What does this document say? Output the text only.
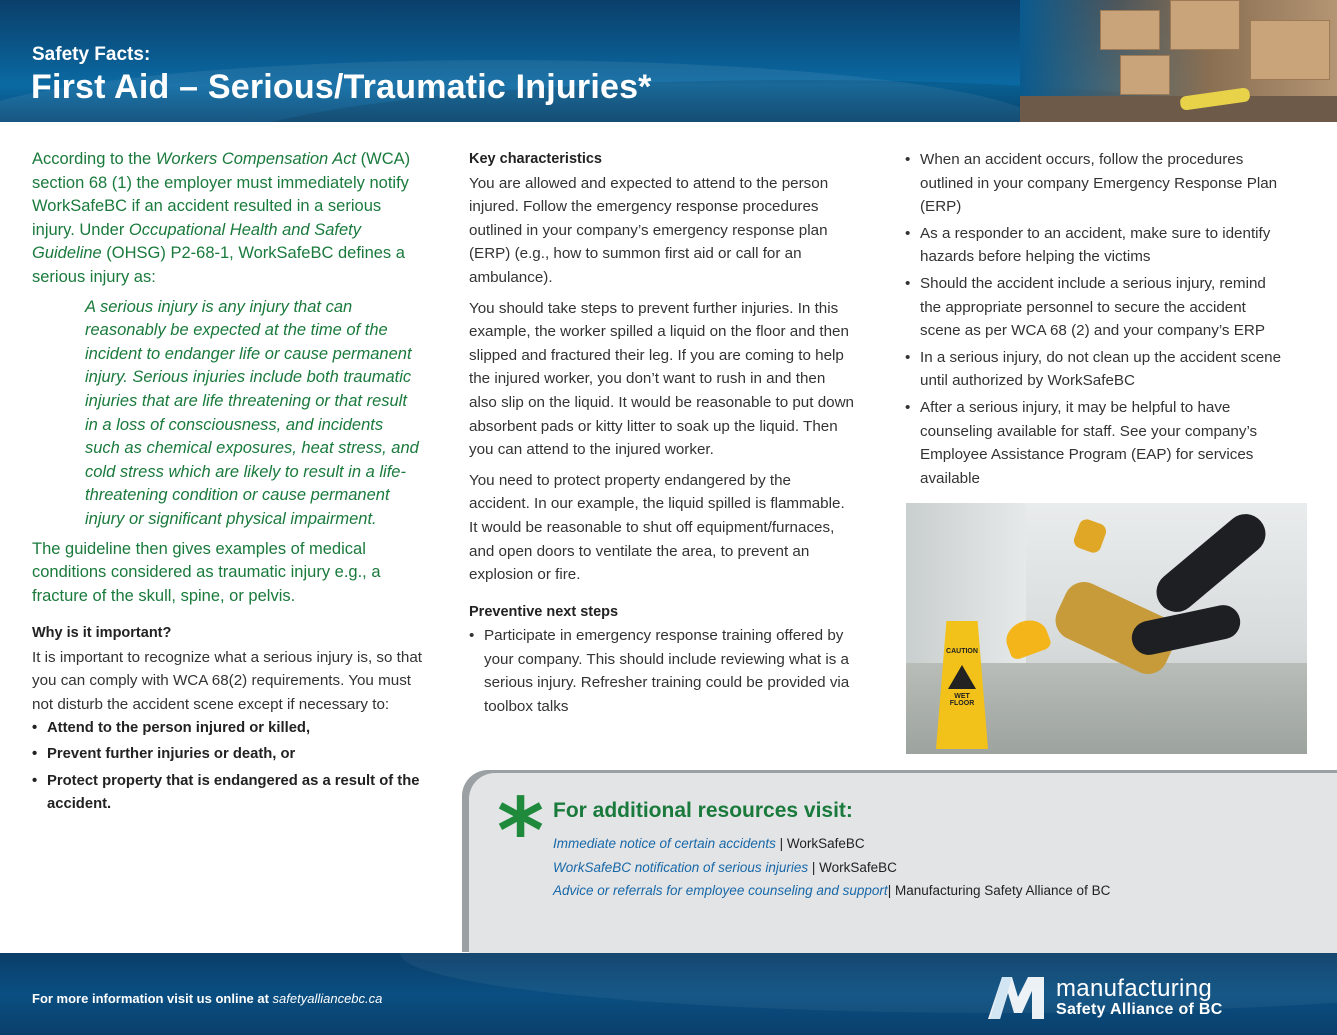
Safety Facts:
First Aid – Serious/Traumatic Injuries*
According to the Workers Compensation Act (WCA) section 68 (1) the employer must immediately notify WorkSafeBC if an accident resulted in a serious injury. Under Occupational Health and Safety Guideline (OHSG) P2-68-1, WorkSafeBC defines a serious injury as:
A serious injury is any injury that can reasonably be expected at the time of the incident to endanger life or cause permanent injury. Serious injuries include both traumatic injuries that are life threatening or that result in a loss of consciousness, and incidents such as chemical exposures, heat stress, and cold stress which are likely to result in a life-threatening condition or cause permanent injury or significant physical impairment.
The guideline then gives examples of medical conditions considered as traumatic injury e.g., a fracture of the skull, spine, or pelvis.
Why is it important?
It is important to recognize what a serious injury is, so that you can comply with WCA 68(2) requirements. You must not disturb the accident scene except if necessary to:
• Attend to the person injured or killed,
• Prevent further injuries or death, or
• Protect property that is endangered as a result of the accident.
Key characteristics

You are allowed and expected to attend to the person injured. Follow the emergency response procedures outlined in your company’s emergency response plan (ERP) (e.g., how to summon first aid or call for an ambulance).

You should take steps to prevent further injuries. In this example, the worker spilled a liquid on the floor and then slipped and fractured their leg. If you are coming to help the injured worker, you don’t want to rush in and then also slip on the liquid. It would be reasonable to put down absorbent pads or kitty litter to soak up the liquid. Then you can attend to the injured worker.

You need to protect property endangered by the accident. In our example, the liquid spilled is flammable. It would be reasonable to shut off equipment/furnaces, and open doors to ventilate the area, to prevent an explosion or fire.

Preventive next steps
• Participate in emergency response training offered by your company. This should include reviewing what is a serious injury. Refresher training could be provided via toolbox talks
• When an accident occurs, follow the procedures outlined in your company Emergency Response Plan (ERP)
• As a responder to an accident, make sure to identify hazards before helping the victims
• Should the accident include a serious injury, remind the appropriate personnel to secure the accident scene as per WCA 68 (2) and your company’s ERP
• In a serious injury, do not clean up the accident scene until authorized by WorkSafeBC
• After a serious injury, it may be helpful to have counseling available for staff. See your company’s Employee Assistance Program (EAP) for services available
CAUTION
WET FLOOR
* For additional resources visit:
Immediate notice of certain accidents | WorkSafeBC
WorkSafeBC notification of serious injuries | WorkSafeBC
Advice or referrals for employee counseling and support| Manufacturing Safety Alliance of BC
For more information visit us online at safetyalliancebc.ca	manufacturing
Safety Alliance of BC
